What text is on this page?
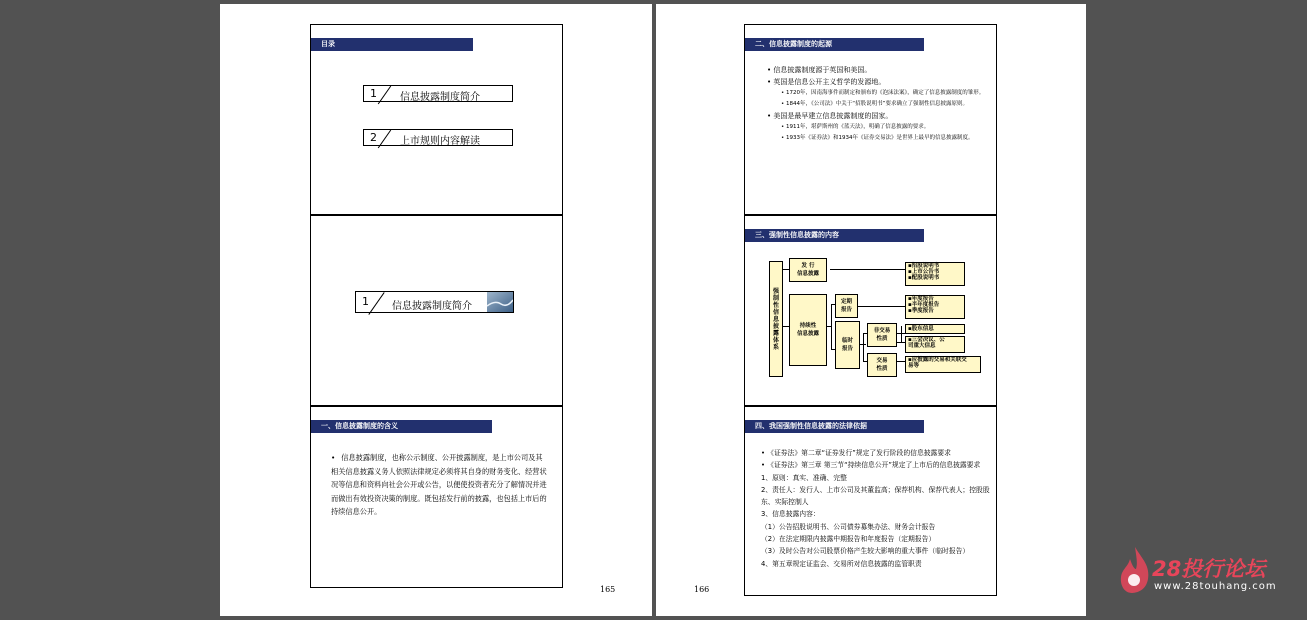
目录
1 信息披露制度简介
2 上市规则内容解读
1 信息披露制度简介
一、信息披露制度的含义
• 信息披露制度，也称公示制度、公开披露制度，是上市公司及其相关信息披露义务人依照法律规定必须将其自身的财务变化、经营状况等信息和资料向社会公开或公告，以便使投资者充分了解情况并进而做出有效投资决策的制度。既包括发行前的披露，也包括上市后的持续信息公开。
165
二、信息披露制度的起源
• 信息披露制度源于英国和美国。
• 英国是信息公开主义哲学的发源地。
• 1720年，因南海事件而制定和颁布的《泡沫法案》，确定了信息披露制度的雏形。
• 1844年，《公司法》中关于“招股说明书”要求确立了强制性信息披露原则。
• 美国是最早建立信息披露制度的国家。
• 1911年，堪萨斯州的《蓝天法》，明确了信息披露的要求。
• 1933年《证券法》和1934年《证券交易法》是世界上最早的信息披露制度。
三、强制性信息披露的内容
强制性信息披露体系
发 行
信息披露
▪招股说明书
▪上市公告书
▪配股说明书
持续性
信息披露
定期
报告
▪年度报告
▪半年度报告
▪季度报告
临时
报告
非交易
性质
交易
性质
▪股东信息
▪三会决议、公
司重大信息
▪应披露的交易和关联交
易等
四、我国强制性信息披露的法律依据
• 《证券法》第二章“证券发行”规定了发行阶段的信息披露要求
• 《证券法》第三章 第三节“持续信息公开”规定了上市后的信息披露要求
1、原则：真实、准确、完整
2、责任人：发行人、上市公司及其董监高；保荐机构、保荐代表人；控股股东、实际控制人
3、信息披露内容：
（1）公告招股说明书、公司债券募集办法、财务会计报告
（2）在法定期限内披露中期报告和年度报告（定期报告）
（3）及时公告对公司股票价格产生较大影响的重大事件（临时报告）
4、第五章规定证监会、交易所对信息披露的监管职责
166
28投行论坛
www.28touhang.com
